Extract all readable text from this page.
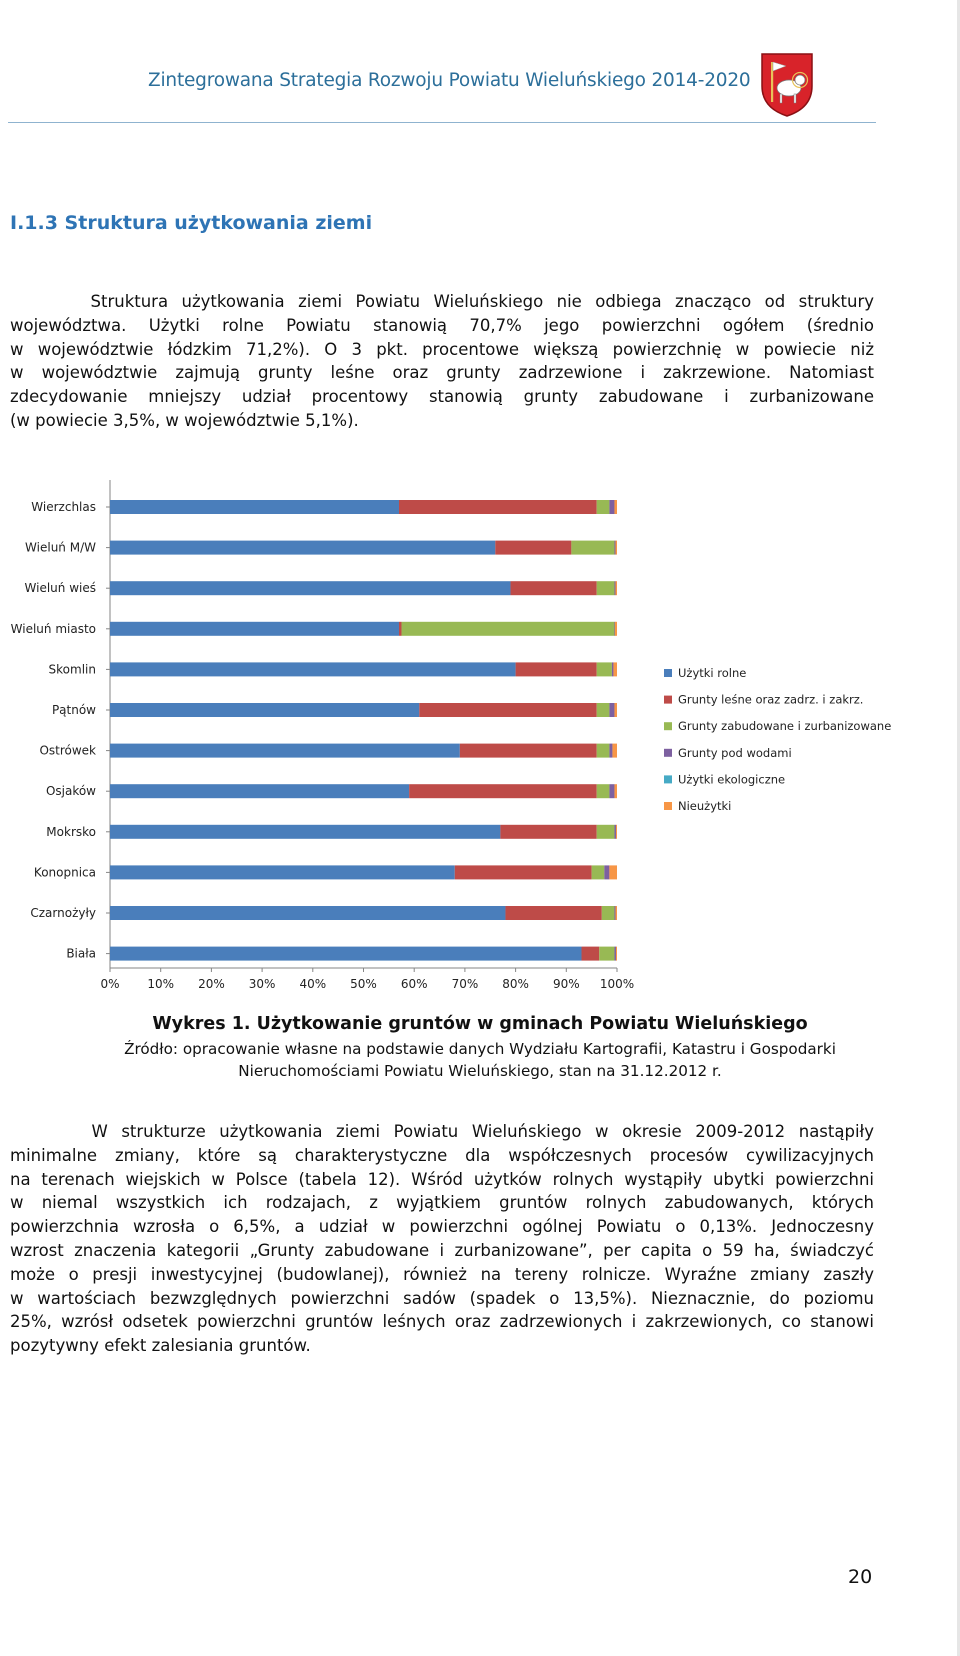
Zintegrowana Strategia Rozwoju Powiatu Wieluńskiego 2014-2020
I.1.3 Struktura użytkowania ziemi
Struktura użytkowania ziemi Powiatu Wieluńskiego nie odbiega znacząco od struktury
województwa. Użytki rolne Powiatu stanowią 70,7% jego powierzchni ogółem (średnio
w województwie łódzkim 71,2%). O 3 pkt. procentowe większą powierzchnię w powiecie niż
w województwie zajmują grunty leśne oraz grunty zadrzewione i zakrzewione. Natomiast
zdecydowanie mniejszy udział procentowy stanowią grunty zabudowane i zurbanizowane
(w powiecie 3,5%, w województwie 5,1%).
Wierzchlas
Wieluń M/W
Wieluń wieś
Wieluń miasto
Skomlin
Pątnów
Ostrówek
Osjaków
Mokrsko
Konopnica
Czarnożyły
Biała
0% 10% 20% 30% 40% 50% 60% 70% 80% 90% 100%
Użytki rolne
Grunty leśne oraz zadrz. i zakrz.
Grunty zabudowane i zurbanizowane
Grunty pod wodami
Użytki ekologiczne
Nieużytki
Wykres 1. Użytkowanie gruntów w gminach Powiatu Wieluńskiego
Źródło: opracowanie własne na podstawie danych Wydziału Kartografii, Katastru i Gospodarki
Nieruchomościami Powiatu Wieluńskiego, stan na 31.12.2012 r.
W strukturze użytkowania ziemi Powiatu Wieluńskiego w okresie 2009-2012 nastąpiły
minimalne zmiany, które są charakterystyczne dla współczesnych procesów cywilizacyjnych
na terenach wiejskich w Polsce (tabela 12). Wśród użytków rolnych wystąpiły ubytki powierzchni
w niemal wszystkich ich rodzajach, z wyjątkiem gruntów rolnych zabudowanych, których
powierzchnia wzrosła o 6,5%, a udział w powierzchni ogólnej Powiatu o 0,13%. Jednoczesny
wzrost znaczenia kategorii „Grunty zabudowane i zurbanizowane”, per capita o 59 ha, świadczyć
może o presji inwestycyjnej (budowlanej), również na tereny rolnicze. Wyraźne zmiany zaszły
w wartościach bezwzględnych powierzchni sadów (spadek o 13,5%). Nieznacznie, do poziomu
25%, wzrósł odsetek powierzchni gruntów leśnych oraz zadrzewionych i zakrzewionych, co stanowi
pozytywny efekt zalesiania gruntów.
20
